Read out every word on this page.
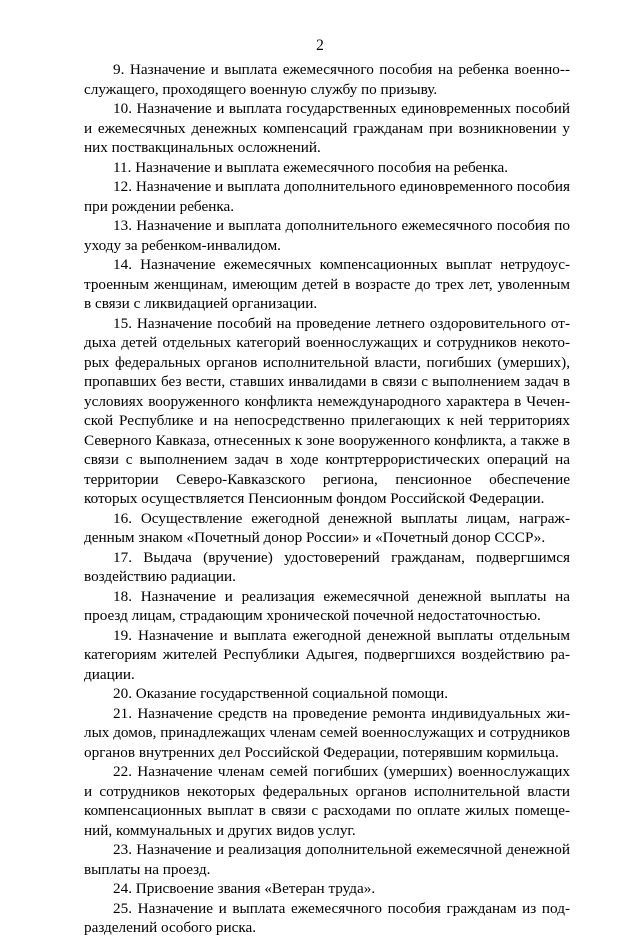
2

9. Назначение и выплата ежемесячного пособия на ребенка военно-служащего, проходящего военную службу по призыву.

10. Назначение и выплата государственных единовременных пособий и ежемесячных денежных компенсаций гражданам при возникновении у них поствакцинальных осложнений.

11. Назначение и выплата ежемесячного пособия на ребенка.

12. Назначение и выплата дополнительного единовременного пособия при рождении ребенка.

13. Назначение и выплата дополнительного ежемесячного пособия по уходу за ребенком-инвалидом.

14. Назначение ежемесячных компенсационных выплат нетрудоустроенным женщинам, имеющим детей в возрасте до трех лет, уволенным в связи с ликвидацией организации.

15. Назначение пособий на проведение летнего оздоровительного отдыха детей отдельных категорий военнослужащих и сотрудников некоторых федеральных органов исполнительной власти, погибших (умерших), пропавших без вести, ставших инвалидами в связи с выполнением задач в условиях вооруженного конфликта немеждународного характера в Чеченской Республике и на непосредственно прилегающих к ней территориях Северного Кавказа, отнесенных к зоне вооруженного конфликта, а также в связи с выполнением задач в ходе контртеррористических операций на территории Северо-Кавказского региона, пенсионное обеспечение которых осуществляется Пенсионным фондом Российской Федерации.

16. Осуществление ежегодной денежной выплаты лицам, награжденным знаком «Почетный донор России» и «Почетный донор СССР».

17. Выдача (вручение) удостоверений гражданам, подвергшимся воздействию радиации.

18. Назначение и реализация ежемесячной денежной выплаты на проезд лицам, страдающим хронической почечной недостаточностью.

19. Назначение и выплата ежегодной денежной выплаты отдельным категориям жителей Республики Адыгея, подвергшихся воздействию радиации.

20. Оказание государственной социальной помощи.

21. Назначение средств на проведение ремонта индивидуальных жилых домов, принадлежащих членам семей военнослужащих и сотрудников органов внутренних дел Российской Федерации, потерявшим кормильца.

22. Назначение членам семей погибших (умерших) военнослужащих и сотрудников некоторых федеральных органов исполнительной власти компенсационных выплат в связи с расходами по оплате жилых помещений, коммунальных и других видов услуг.

23. Назначение и реализация дополнительной ежемесячной денежной выплаты на проезд.

24. Присвоение звания «Ветеран труда».

25. Назначение и выплата ежемесячного пособия гражданам из подразделений особого риска.
